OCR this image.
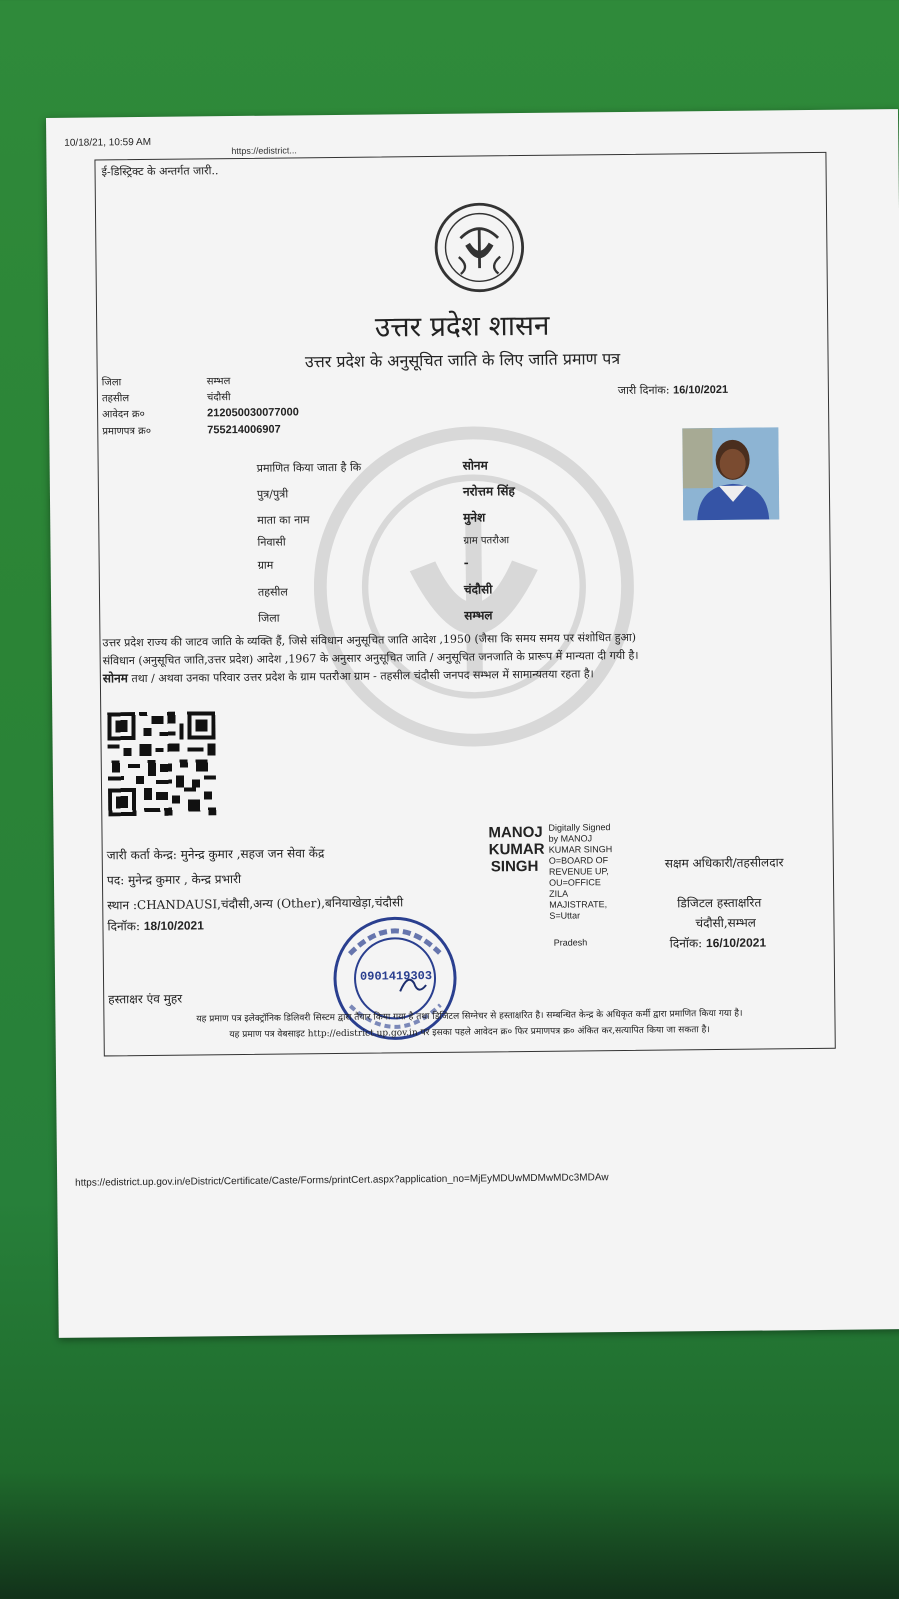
10/18/21, 10:59 AM
https://edistrict...
ई-डिस्ट्रिक्ट के अन्तर्गत जारी..
उत्तर प्रदेश शासन
उत्तर प्रदेश के अनुसूचित जाति के लिए जाति प्रमाण पत्र
जिला	सम्भल
तहसील	चंदौसी
आवेदन क्र०	212050030077000
प्रमाणपत्र क्र०	755214006907
जारी दिनांक: 16/10/2021
प्रमाणित किया जाता है कि	सोनम
पुत्र/पुत्री	नरोत्तम सिंह
माता का नाम	मुनेश
निवासी	ग्राम पतरौआ
ग्राम	-
तहसील	चंदौसी
जिला	सम्भल
उत्तर प्रदेश राज्य की जाटव जाति के व्यक्ति हैं, जिसे संविधान अनुसूचित जाति आदेश ,1950 (जैसा कि समय समय पर संशोधित हुआ)
संविधान (अनुसूचित जाति,उत्तर प्रदेश) आदेश ,1967 के अनुसार अनुसूचित जाति / अनुसूचित जनजाति के प्रारूप में मान्यता दी गयी है।
सोनम तथा / अथवा उनका परिवार उत्तर प्रदेश के ग्राम पतरौआ ग्राम - तहसील चंदौसी जनपद सम्भल में सामान्यतया रहता है।
जारी कर्ता केन्द्र: मुनेन्द्र कुमार ,सहज जन सेवा केंद्र
पद: मुनेन्द्र कुमार , केन्द्र प्रभारी
स्थान :CHANDAUSI,चंदौसी,अन्य (Other),बनियाखेड़ा,चंदौसी
दिनॉक: 18/10/2021
हस्ताक्षर एंव मुहर
MANOJ
KUMAR
SINGH
Digitally Signed
by MANOJ
KUMAR SINGH
O=BOARD OF
REVENUE UP,
OU=OFFICE
ZILA
MAJISTRATE,
S=Uttar
Pradesh
सक्षम अधिकारी/तहसीलदार
डिजिटल हस्ताक्षरित
चंदौसी,सम्भल
दिनॉक: 16/10/2021
0901419303
यह प्रमाण पत्र इलेक्ट्रॉनिक डिलिवरी सिस्टम द्वारा तैयार किया गया है तथा डिजिटल सिग्नेचर से हस्ताक्षरित है। सम्बन्धित केन्द्र के अधिकृत कर्मी द्वारा प्रमाणित किया गया है।
यह प्रमाण पत्र वेबसाइट http://edistrict.up.gov.in पर इसका पहले आवेदन क्र० फिर प्रमाणपत्र क्र० अंकित कर,सत्यापित किया जा सकता है।
https://edistrict.up.gov.in/eDistrict/Certificate/Caste/Forms/printCert.aspx?application_no=MjEyMDUwMDMwMDc3MDAw
